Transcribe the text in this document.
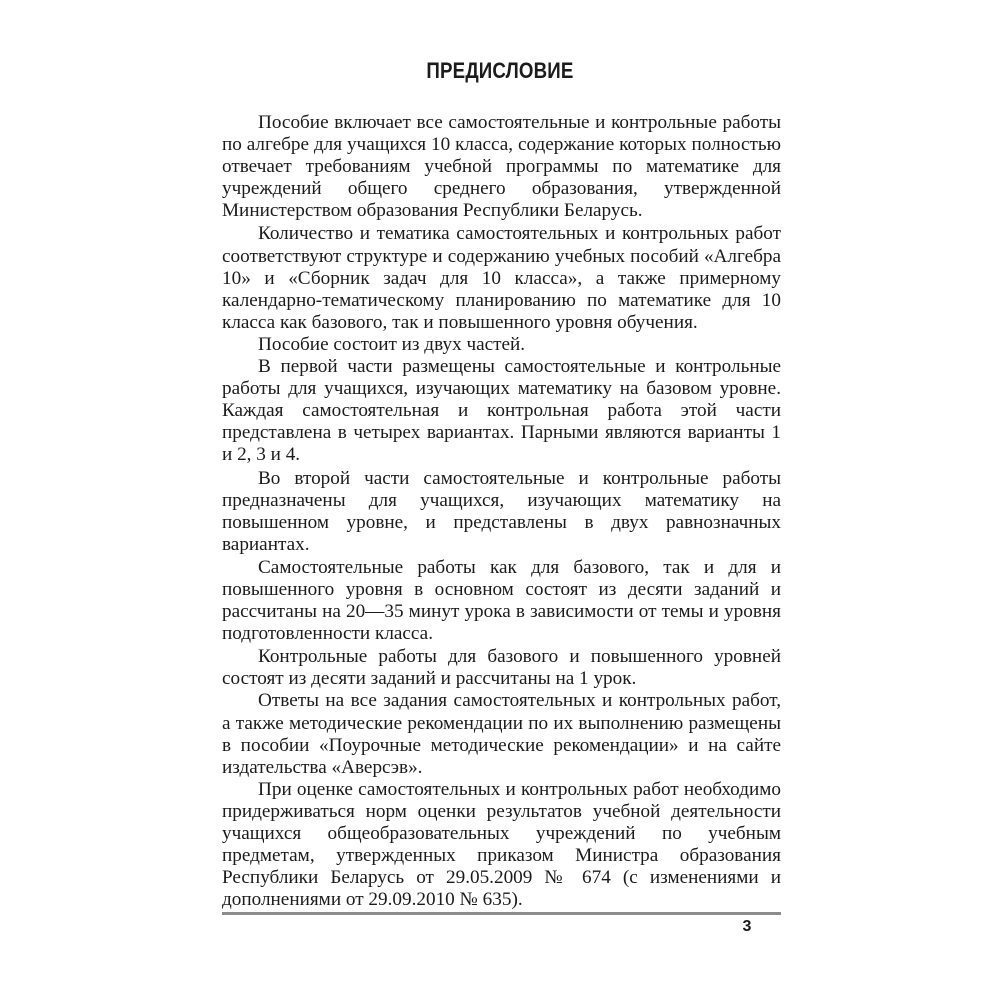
ПРЕДИСЛОВИЕ

Пособие включает все самостоятельные и контрольные работы по алгебре для учащихся 10 класса, содержание которых полностью отвечает требованиям учебной программы по математике для учреждений общего среднего образования, утвержденной Министерством образования Республики Беларусь.

Количество и тематика самостоятельных и контрольных работ соответствуют структуре и содержанию учебных пособий «Алгебра 10» и «Сборник задач для 10 класса», а также примерному календарно-тематическому планированию по математике для 10 класса как базового, так и повышенного уровня обучения.

Пособие состоит из двух частей.

В первой части размещены самостоятельные и контрольные работы для учащихся, изучающих математику на базовом уровне. Каждая самостоятельная и контрольная работа этой части представлена в четырех вариантах. Парными являются варианты 1 и 2, 3 и 4.

Во второй части самостоятельные и контрольные работы предназначены для учащихся, изучающих математику на повышенном уровне, и представлены в двух равнозначных вариантах.

Самостоятельные работы как для базового, так и для и повышенного уровня в основном состоят из десяти заданий и рассчитаны на 20—35 минут урока в зависимости от темы и уровня подготовленности класса.

Контрольные работы для базового и повышенного уровней состоят из десяти заданий и рассчитаны на 1 урок.

Ответы на все задания самостоятельных и контрольных работ, а также методические рекомендации по их выполнению размещены в пособии «Поурочные методические рекомендации» и на сайте издательства «Аверсэв».

При оценке самостоятельных и контрольных работ необходимо придерживаться норм оценки результатов учебной деятельности учащихся общеобразовательных учреждений по учебным предметам, утвержденных приказом Министра образования Республики Беларусь от 29.05.2009 № 674 (с изменениями и дополнениями от 29.09.2010 № 635).

3
